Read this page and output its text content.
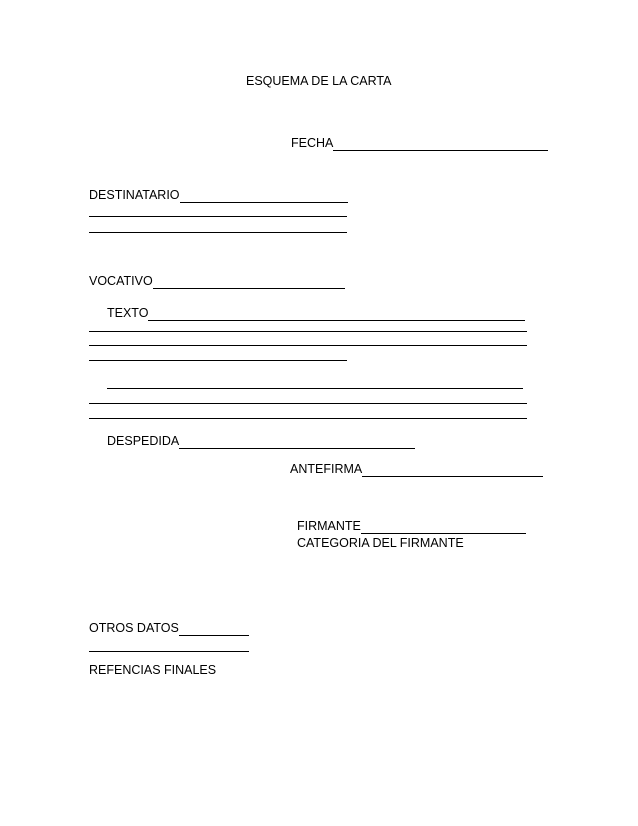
ESQUEMA DE LA CARTA
FECHA
DESTINATARIO
VOCATIVO
TEXTO
DESPEDIDA
ANTEFIRMA
FIRMANTE
CATEGORIA DEL FIRMANTE
OTROS DATOS
REFENCIAS FINALES
